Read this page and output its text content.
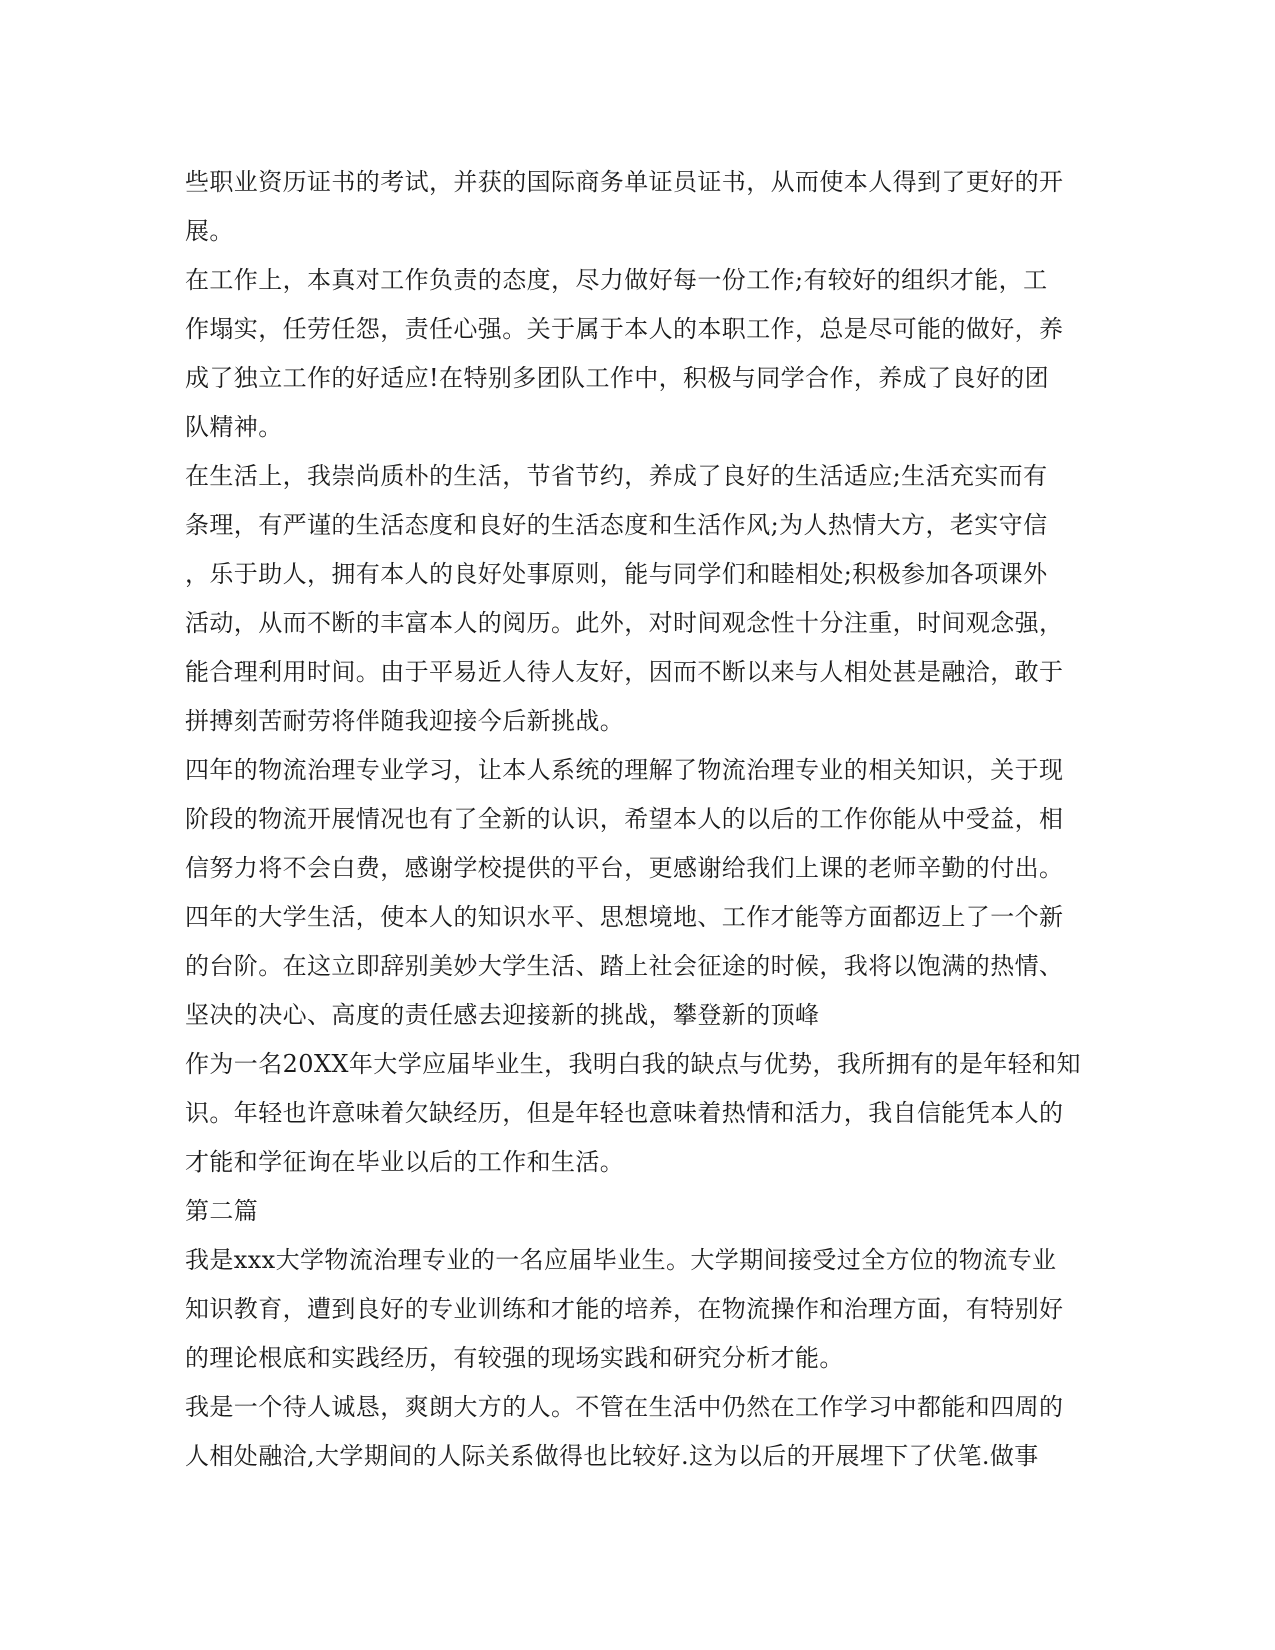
些职业资历证书的考试，并获的国际商务单证员证书，从而使本人得到了更好的开
展。
在工作上，本真对工作负责的态度，尽力做好每一份工作;有较好的组织才能，工
作塌实，任劳任怨，责任心强。关于属于本人的本职工作，总是尽可能的做好，养
成了独立工作的好适应!在特别多团队工作中，积极与同学合作，养成了良好的团
队精神。
在生活上，我崇尚质朴的生活，节省节约，养成了良好的生活适应;生活充实而有
条理，有严谨的生活态度和良好的生活态度和生活作风;为人热情大方，老实守信
，乐于助人，拥有本人的良好处事原则，能与同学们和睦相处;积极参加各项课外
活动，从而不断的丰富本人的阅历。此外，对时间观念性十分注重，时间观念强，
能合理利用时间。由于平易近人待人友好，因而不断以来与人相处甚是融洽，敢于
拼搏刻苦耐劳将伴随我迎接今后新挑战。
四年的物流治理专业学习，让本人系统的理解了物流治理专业的相关知识，关于现
阶段的物流开展情况也有了全新的认识，希望本人的以后的工作你能从中受益，相
信努力将不会白费，感谢学校提供的平台，更感谢给我们上课的老师辛勤的付出。
四年的大学生活，使本人的知识水平、思想境地、工作才能等方面都迈上了一个新
的台阶。在这立即辞别美妙大学生活、踏上社会征途的时候，我将以饱满的热情、
坚决的决心、高度的责任感去迎接新的挑战，攀登新的顶峰
作为一名20XX年大学应届毕业生，我明白我的缺点与优势，我所拥有的是年轻和知
识。年轻也许意味着欠缺经历，但是年轻也意味着热情和活力，我自信能凭本人的
才能和学征询在毕业以后的工作和生活。
第二篇
我是xxx大学物流治理专业的一名应届毕业生。大学期间接受过全方位的物流专业
知识教育，遭到良好的专业训练和才能的培养，在物流操作和治理方面，有特别好
的理论根底和实践经历，有较强的现场实践和研究分析才能。
我是一个待人诚恳，爽朗大方的人。不管在生活中仍然在工作学习中都能和四周的
人相处融洽,大学期间的人际关系做得也比较好.这为以后的开展埋下了伏笔.做事
